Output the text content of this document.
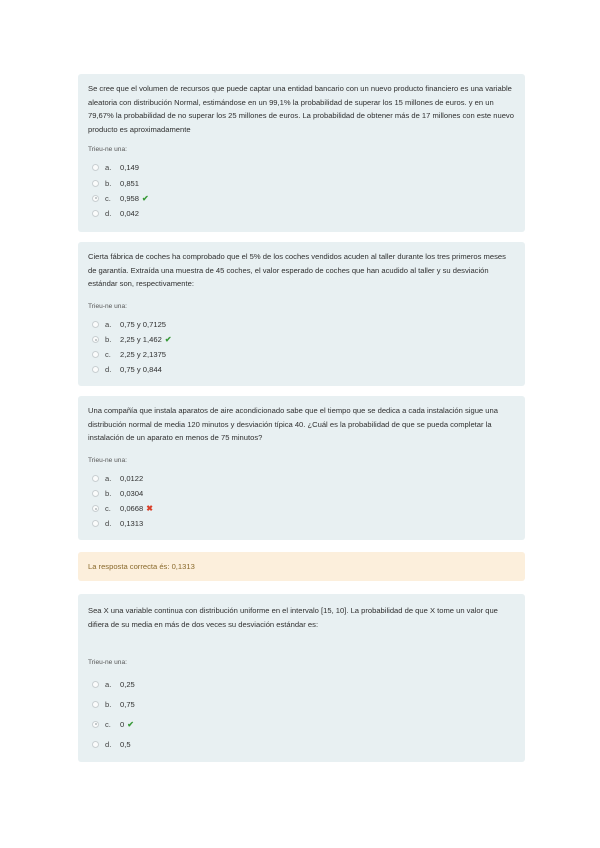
Se cree que el volumen de recursos que puede captar una entidad bancario con un nuevo producto financiero es una variable aleatoria con distribución Normal, estimándose en un 99,1% la probabilidad de superar los 15 millones de euros. y en un 79,67% la probabilidad de no superar los 25 millones de euros. La probabilidad de obtener más de 17 millones con este nuevo producto es aproximadamente
Trieu-ne una:
a.	0,149
b.	0,851
c.	0,958 ✔
d.	0,042
Cierta fábrica de coches ha comprobado que el 5% de los coches vendidos acuden al taller durante los tres primeros meses de garantía. Extraída una muestra de 45 coches, el valor esperado de coches que han acudido al taller y su desviación estándar son, respectivamente:
Trieu-ne una:
a.	0,75 y 0,7125
b.	2,25 y 1,462 ✔
c.	2,25 y 2,1375
d.	0,75 y 0,844
Una compañía que instala aparatos de aire acondicionado sabe que el tiempo que se dedica a cada instalación sigue una distribución normal de media 120 minutos y desviación típica 40. ¿Cuál es la probabilidad de que se pueda completar la instalación de un aparato en menos de 75 minutos?
Trieu-ne una:
a.	0,0122
b.	0,0304
c.	0,0668 ✖
d.	0,1313
La resposta correcta és: 0,1313
Sea X una variable continua con distribución uniforme en el intervalo [15, 10]. La probabilidad de que X tome un valor que difiera de su media en más de dos veces su desviación estándar es:
Trieu-ne una:
a.	0,25
b.	0,75
c.	0 ✔
d.	0,5
